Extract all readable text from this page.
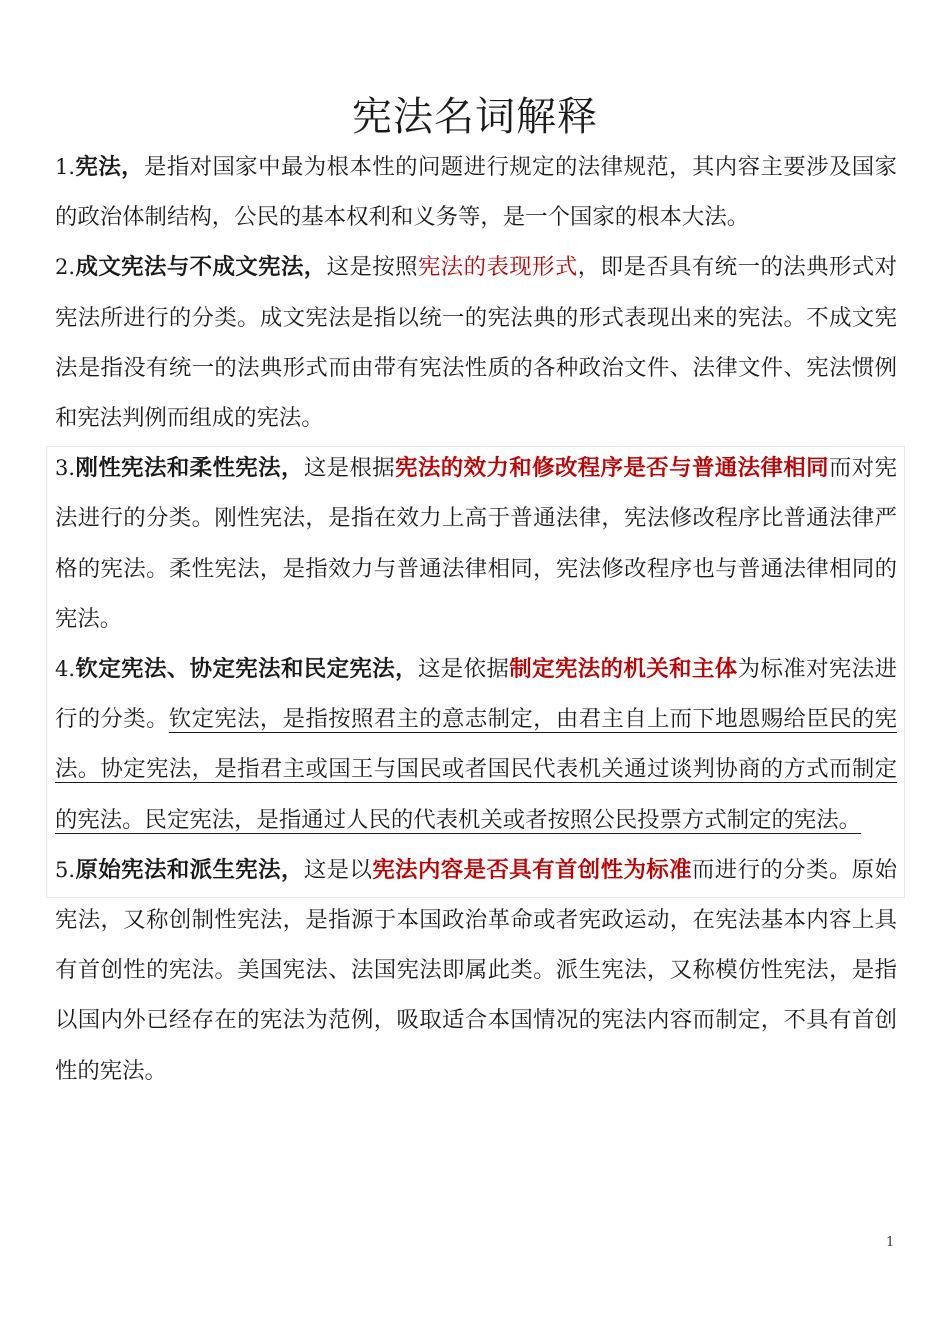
宪法名词解释

1.宪法，是指对国家中最为根本性的问题进行规定的法律规范，其内容主要涉及国家的政治体制结构，公民的基本权利和义务等，是一个国家的根本大法。

2.成文宪法与不成文宪法，这是按照宪法的表现形式，即是否具有统一的法典形式对宪法所进行的分类。成文宪法是指以统一的宪法典的形式表现出来的宪法。不成文宪法是指没有统一的法典形式而由带有宪法性质的各种政治文件、法律文件、宪法惯例和宪法判例而组成的宪法。

3.刚性宪法和柔性宪法，这是根据宪法的效力和修改程序是否与普通法律相同而对宪法进行的分类。刚性宪法，是指在效力上高于普通法律，宪法修改程序比普通法律严格的宪法。柔性宪法，是指效力与普通法律相同，宪法修改程序也与普通法律相同的宪法。

4.钦定宪法、协定宪法和民定宪法，这是依据制定宪法的机关和主体为标准对宪法进行的分类。钦定宪法，是指按照君主的意志制定，由君主自上而下地恩赐给臣民的宪法。协定宪法，是指君主或国王与国民或者国民代表机关通过谈判协商的方式而制定的宪法。民定宪法，是指通过人民的代表机关或者按照公民投票方式制定的宪法。

5.原始宪法和派生宪法，这是以宪法内容是否具有首创性为标准而进行的分类。原始宪法，又称创制性宪法，是指源于本国政治革命或者宪政运动，在宪法基本内容上具有首创性的宪法。美国宪法、法国宪法即属此类。派生宪法，又称模仿性宪法，是指以国内外已经存在的宪法为范例，吸取适合本国情况的宪法内容而制定，不具有首创性的宪法。

1
